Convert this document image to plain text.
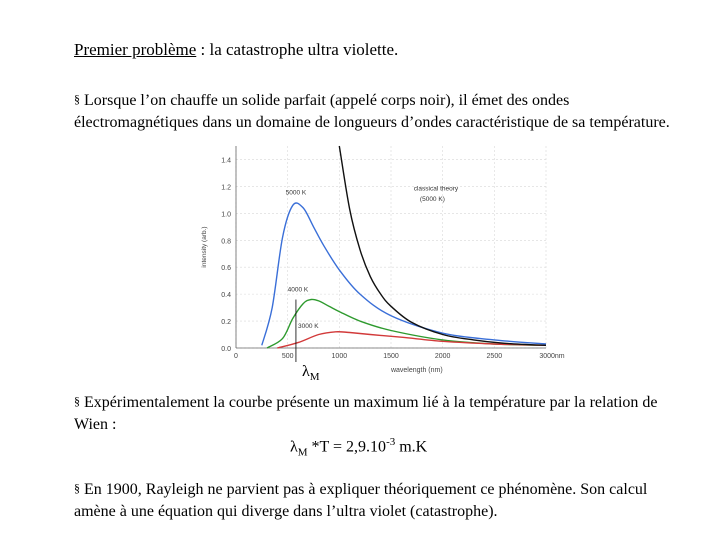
Premier problème : la catastrophe ultra violette.
§ Lorsque l’on chauffe un solide parfait (appelé corps noir), il émet des ondes électromagnétiques dans un domaine de longueurs d’ondes caractéristique de sa température.
0.0
0.2
0.4
0.6
0.8
1.0
1.2
1.4
0	500	1000	1500	2000	2500	3000nm
intensity (arb.)
wavelength (nm)
5000 K
4000 K
3000 K
classical theory
(5000 K)
$\lambda_M$
§ Expérimentalement la courbe présente un maximum lié à la température par la relation de Wien :
$\lambda_M$ $*T = 2,9.10^{-3}$ m.K
§ En 1900, Rayleigh ne parvient pas à expliquer théoriquement ce phénomène. Son calcul amène à une équation qui diverge dans l’ultra violet (catastrophe).
